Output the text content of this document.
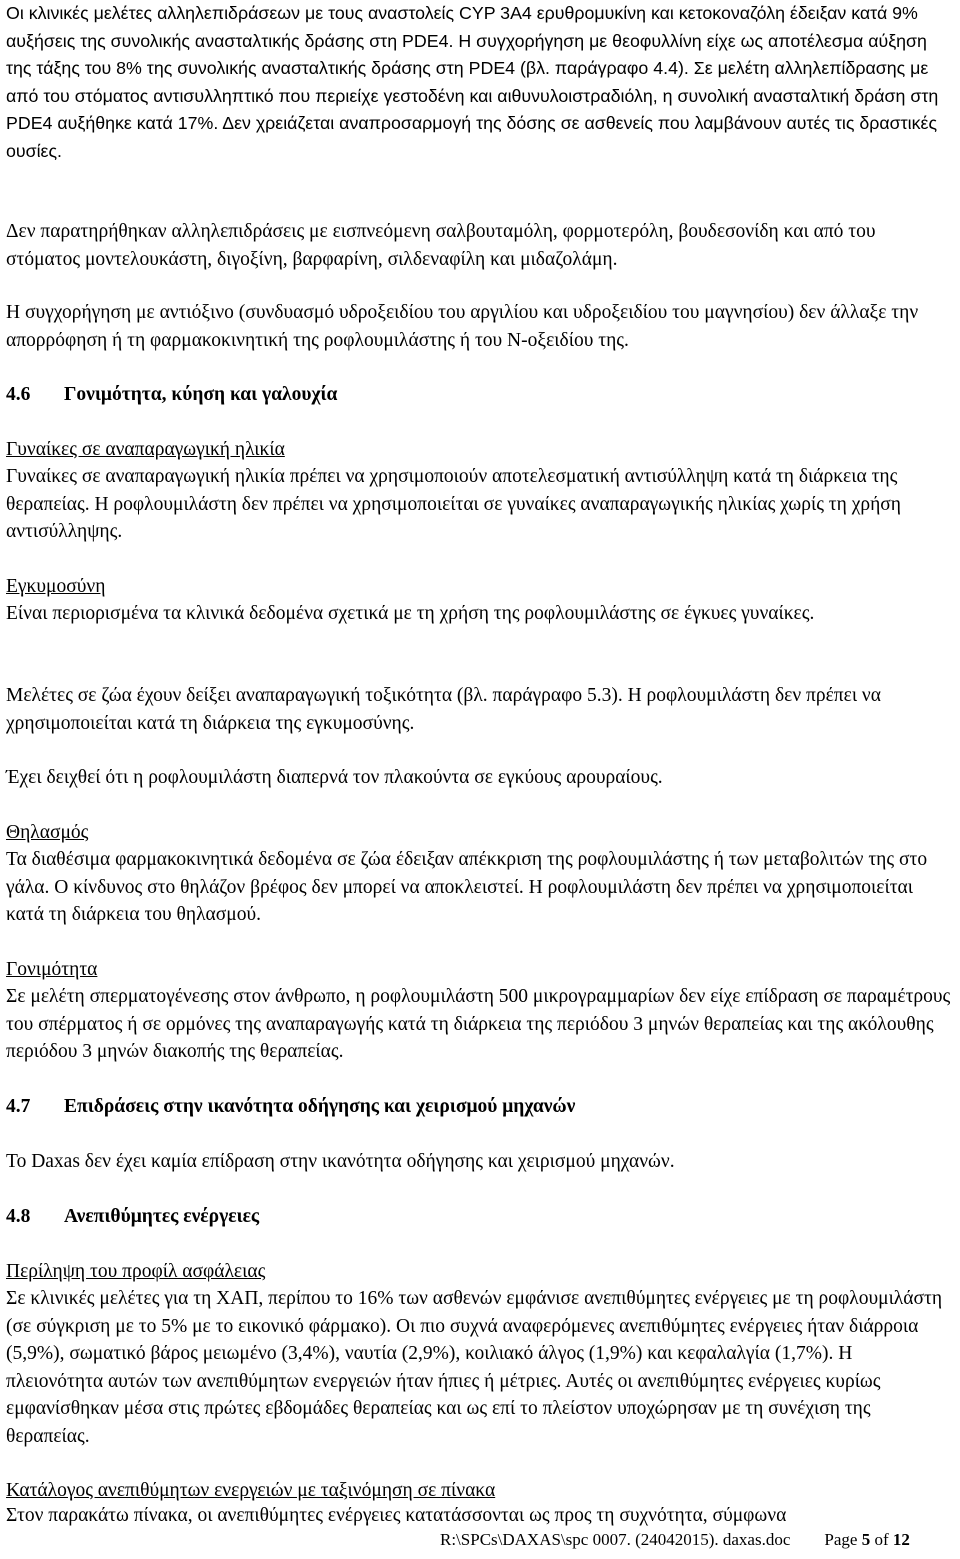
Οι κλινικές μελέτες αλληλεπιδράσεων με τους αναστολείς CYP 3A4 ερυθρομυκίνη και κετοκοναζόλη έδειξαν κατά 9% αυξήσεις της συνολικής ανασταλτικής δράσης στη PDE4. Η συγχορήγηση με θεοφυλλίνη είχε ως αποτέλεσμα αύξηση της τάξης του 8% της συνολικής ανασταλτικής δράσης στη PDE4 (βλ. παράγραφο 4.4). Σε μελέτη αλληλεπίδρασης με από του στόματος αντισυλληπτικό που περιείχε γεστοδένη και αιθυνυλοιστραδιόλη, η συνολική ανασταλτική δράση στη PDE4 αυξήθηκε κατά 17%. Δεν χρειάζεται αναπροσαρμογή της δόσης σε ασθενείς που λαμβάνουν αυτές τις δραστικές ουσίες.

Δεν παρατηρήθηκαν αλληλεπιδράσεις με εισπνεόμενη σαλβουταμόλη, φορμοτερόλη, βουδεσονίδη και από του στόματος μοντελουκάστη, διγοξίνη, βαρφαρίνη, σιλδεναφίλη και μιδαζολάμη.

Η συγχορήγηση με αντιόξινο (συνδυασμό υδροξειδίου του αργιλίου και υδροξειδίου του μαγνησίου) δεν άλλαξε την απορρόφηση ή τη φαρμακοκινητική της ροφλουμιλάστης ή του Ν-οξειδίου της.

4.6 Γονιμότητα, κύηση και γαλουχία

Γυναίκες σε αναπαραγωγική ηλικία

Γυναίκες σε αναπαραγωγική ηλικία πρέπει να χρησιμοποιούν αποτελεσματική αντισύλληψη κατά τη διάρκεια της θεραπείας. Η ροφλουμιλάστη δεν πρέπει να χρησιμοποιείται σε γυναίκες αναπαραγωγικής ηλικίας χωρίς τη χρήση αντισύλληψης.

Εγκυμοσύνη

Είναι περιορισμένα τα κλινικά δεδομένα σχετικά με τη χρήση της ροφλουμιλάστης σε έγκυες γυναίκες.

Μελέτες σε ζώα έχουν δείξει αναπαραγωγική τοξικότητα (βλ. παράγραφο 5.3). Η ροφλουμιλάστη δεν πρέπει να χρησιμοποιείται κατά τη διάρκεια της εγκυμοσύνης.

Έχει δειχθεί ότι η ροφλουμιλάστη διαπερνά τον πλακούντα σε εγκύους αρουραίους.

Θηλασμός

Τα διαθέσιμα φαρμακοκινητικά δεδομένα σε ζώα έδειξαν απέκκριση της ροφλουμιλάστης ή των μεταβολιτών της στο γάλα. Ο κίνδυνος στο θηλάζον βρέφος δεν μπορεί να αποκλειστεί. Η ροφλουμιλάστη δεν πρέπει να χρησιμοποιείται κατά τη διάρκεια του θηλασμού.

Γονιμότητα

Σε μελέτη σπερματογένεσης στον άνθρωπο, η ροφλουμιλάστη 500 μικρογραμμαρίων δεν είχε επίδραση σε παραμέτρους του σπέρματος ή σε ορμόνες της αναπαραγωγής κατά τη διάρκεια της περιόδου 3 μηνών θεραπείας και της ακόλουθης περιόδου 3 μηνών διακοπής της θεραπείας.

4.7 Επιδράσεις στην ικανότητα οδήγησης και χειρισμού μηχανών

Το Daxas δεν έχει καμία επίδραση στην ικανότητα οδήγησης και χειρισμού μηχανών.

4.8 Ανεπιθύμητες ενέργειες

Περίληψη του προφίλ ασφάλειας

Σε κλινικές μελέτες για τη ΧΑΠ, περίπου το 16% των ασθενών εμφάνισε ανεπιθύμητες ενέργειες με τη ροφλουμιλάστη (σε σύγκριση με το 5% με το εικονικό φάρμακο). Οι πιο συχνά αναφερόμενες ανεπιθύμητες ενέργειες ήταν διάρροια (5,9%), σωματικό βάρος μειωμένο (3,4%), ναυτία (2,9%), κοιλιακό άλγος (1,9%) και κεφαλαλγία (1,7%). Η πλειονότητα αυτών των ανεπιθύμητων ενεργειών ήταν ήπιες ή μέτριες. Αυτές οι ανεπιθύμητες ενέργειες κυρίως εμφανίσθηκαν μέσα στις πρώτες εβδομάδες θεραπείας και ως επί το πλείστον υποχώρησαν με τη συνέχιση της θεραπείας.

Κατάλογος ανεπιθύμητων ενεργειών με ταξινόμηση σε πίνακα

Στον παρακάτω πίνακα, οι ανεπιθύμητες ενέργειες κατατάσσονται ως προς τη συχνότητα, σύμφωνα

R:\SPCs\DAXAS\spc 0007. (24042015). daxas.doc Page 5 of 12
